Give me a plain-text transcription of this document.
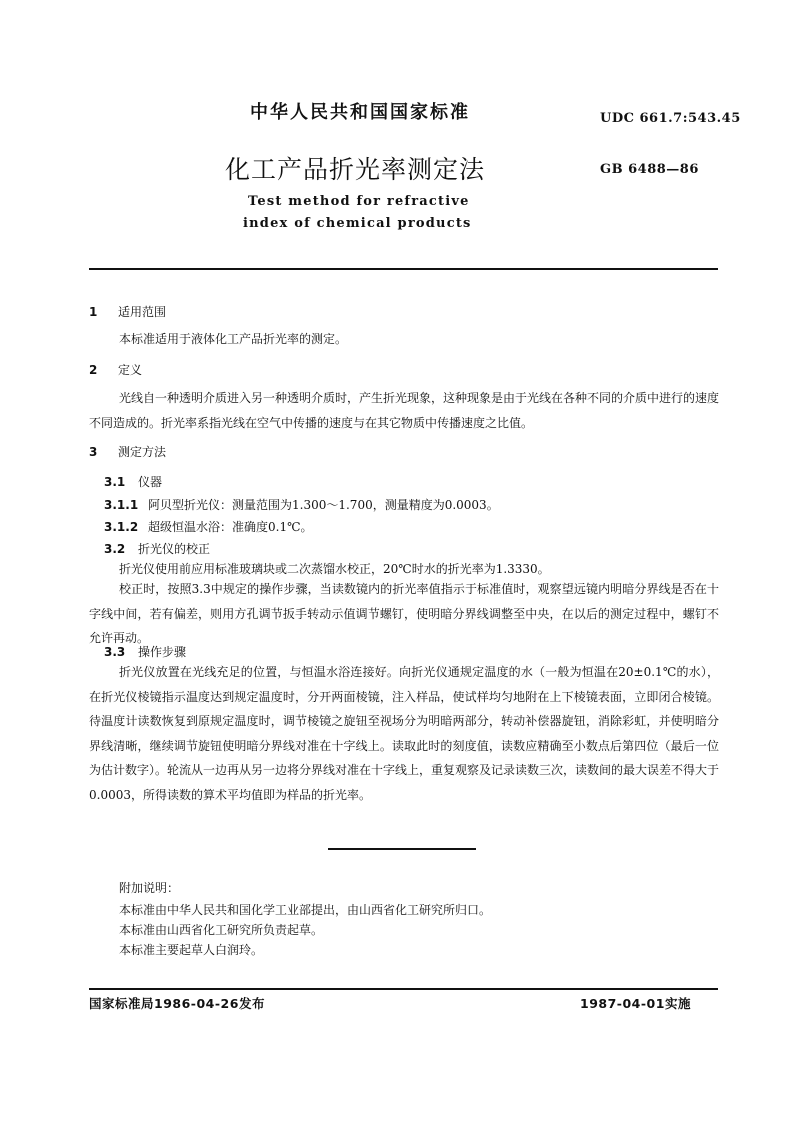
中华人民共和国国家标准	UDC 661.7:543.45
化工产品折光率测定法	GB 6488—86
Test method for refractive
index of chemical products
1 适用范围
本标准适用于液体化工产品折光率的测定。
2 定义
光线自一种透明介质进入另一种透明介质时，产生折光现象，这种现象是由于光线在各种不同的介质中进行的速度不同造成的。折光率系指光线在空气中传播的速度与在其它物质中传播速度之比值。
3 测定方法
3.1 仪器
3.1.1 阿贝型折光仪：测量范围为1.300～1.700，测量精度为0.0003。
3.1.2 超级恒温水浴：准确度0.1℃。
3.2 折光仪的校正
折光仪使用前应用标准玻璃块或二次蒸馏水校正，20℃时水的折光率为1.3330。
校正时，按照3.3中规定的操作步骤，当读数镜内的折光率值指示于标准值时，观察望远镜内明暗分界线是否在十字线中间，若有偏差，则用方孔调节扳手转动示值调节螺钉，使明暗分界线调整至中央，在以后的测定过程中，螺钉不允许再动。
3.3 操作步骤
折光仪放置在光线充足的位置，与恒温水浴连接好。向折光仪通规定温度的水（一般为恒温在20±0.1℃的水），在折光仪棱镜指示温度达到规定温度时，分开两面棱镜，注入样品，使试样均匀地附在上下棱镜表面，立即闭合棱镜。待温度计读数恢复到原规定温度时，调节棱镜之旋钮至视场分为明暗两部分，转动补偿器旋钮，消除彩虹，并使明暗分界线清晰，继续调节旋钮使明暗分界线对准在十字线上。读取此时的刻度值，读数应精确至小数点后第四位（最后一位为估计数字）。轮流从一边再从另一边将分界线对准在十字线上，重复观察及记录读数三次，读数间的最大误差不得大于0.0003，所得读数的算术平均值即为样品的折光率。
附加说明：
本标准由中华人民共和国化学工业部提出，由山西省化工研究所归口。
本标准由山西省化工研究所负责起草。
本标准主要起草人白润玲。
国家标准局1986-04-26发布	1987-04-01实施
